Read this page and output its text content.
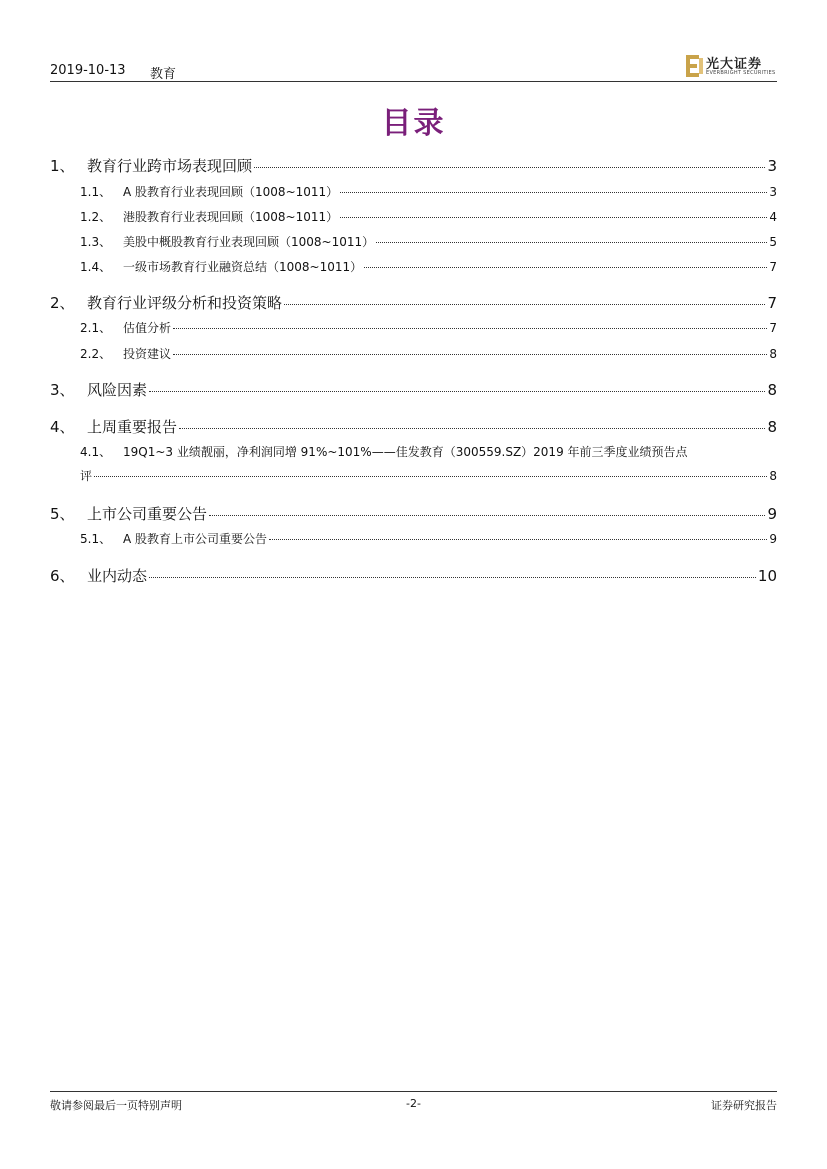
2019-10-13 教育
光大证券
EVERBRIGHT SECURITIES
目录
1、 教育行业跨市场表现回顾	3
1.1、 A 股教育行业表现回顾（1008~1011）	3
1.2、 港股教育行业表现回顾（1008~1011）	4
1.3、 美股中概股教育行业表现回顾（1008~1011）	5
1.4、 一级市场教育行业融资总结（1008~1011）	7
2、 教育行业评级分析和投资策略	7
2.1、 估值分析	7
2.2、 投资建议	8
3、 风险因素	8
4、 上周重要报告	8
4.1、 19Q1~3 业绩靓丽，净利润同增 91%~101%——佳发教育（300559.SZ）2019 年前三季度业绩预告点
评	8
5、 上市公司重要公告	9
5.1、 A 股教育上市公司重要公告	9
6、 业内动态	10
敬请参阅最后一页特别声明	-2-	证券研究报告
